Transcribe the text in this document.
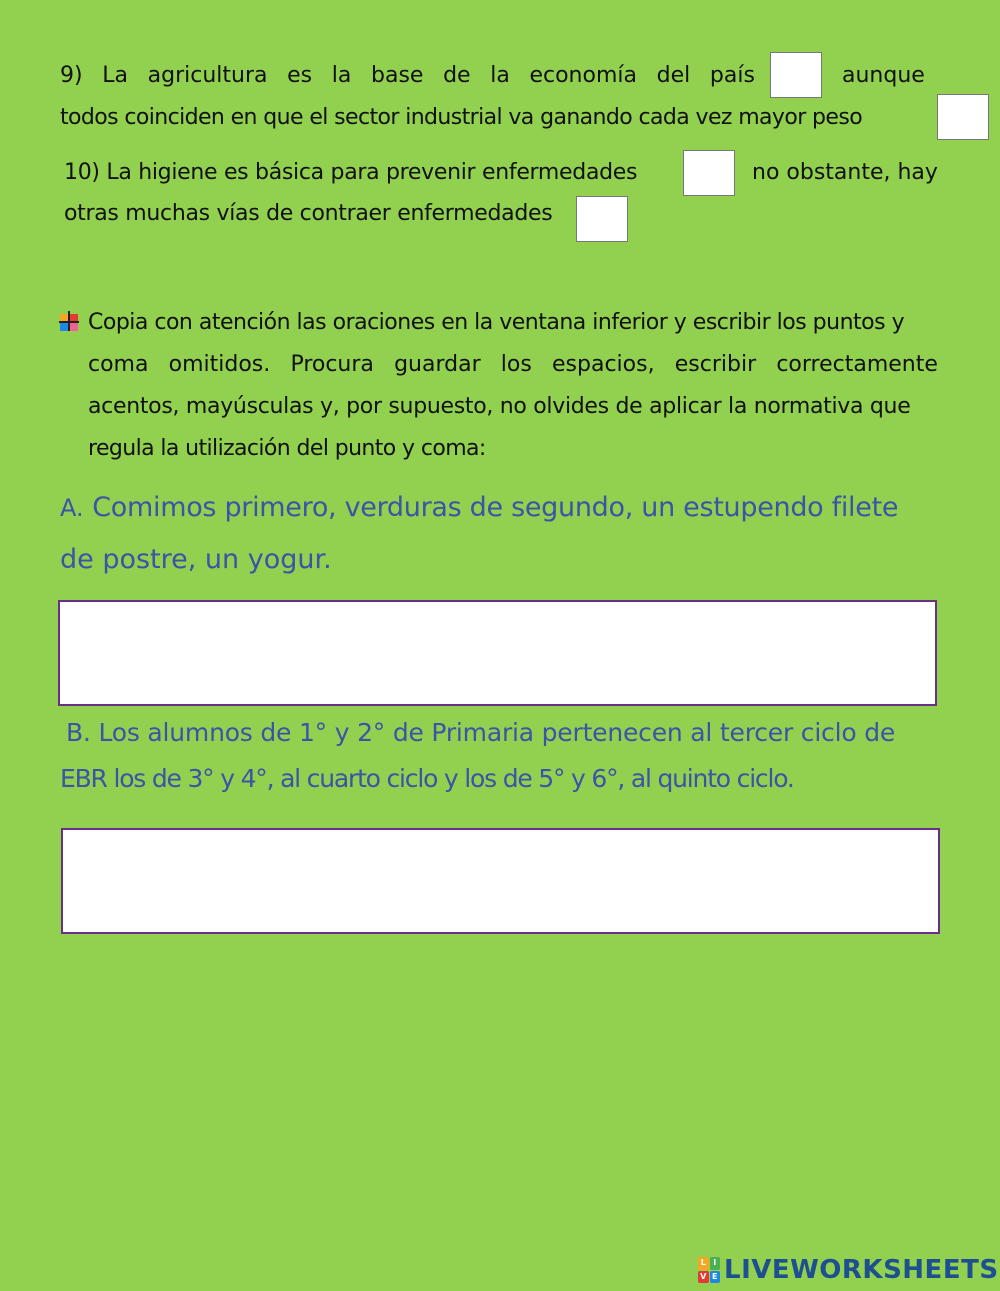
9) La agricultura es la base de la economía del país	aunque
todos coinciden en que el sector industrial va ganando cada vez mayor peso
10) La higiene es básica para prevenir enfermedades	no obstante, hay
otras muchas vías de contraer enfermedades
Copia con atención las oraciones en la ventana inferior y escribir los puntos y
coma omitidos. Procura guardar los espacios, escribir correctamente
acentos, mayúsculas y, por supuesto, no olvides de aplicar la normativa que
regula la utilización del punto y coma:
A. Comimos primero, verduras de segundo, un estupendo filete
de postre, un yogur.
B. Los alumnos de 1° y 2° de Primaria pertenecen al tercer ciclo de
EBR los de 3° y 4°, al cuarto ciclo y los de 5° y 6°, al quinto ciclo.
L I
V E LIVEWORKSHEETS
